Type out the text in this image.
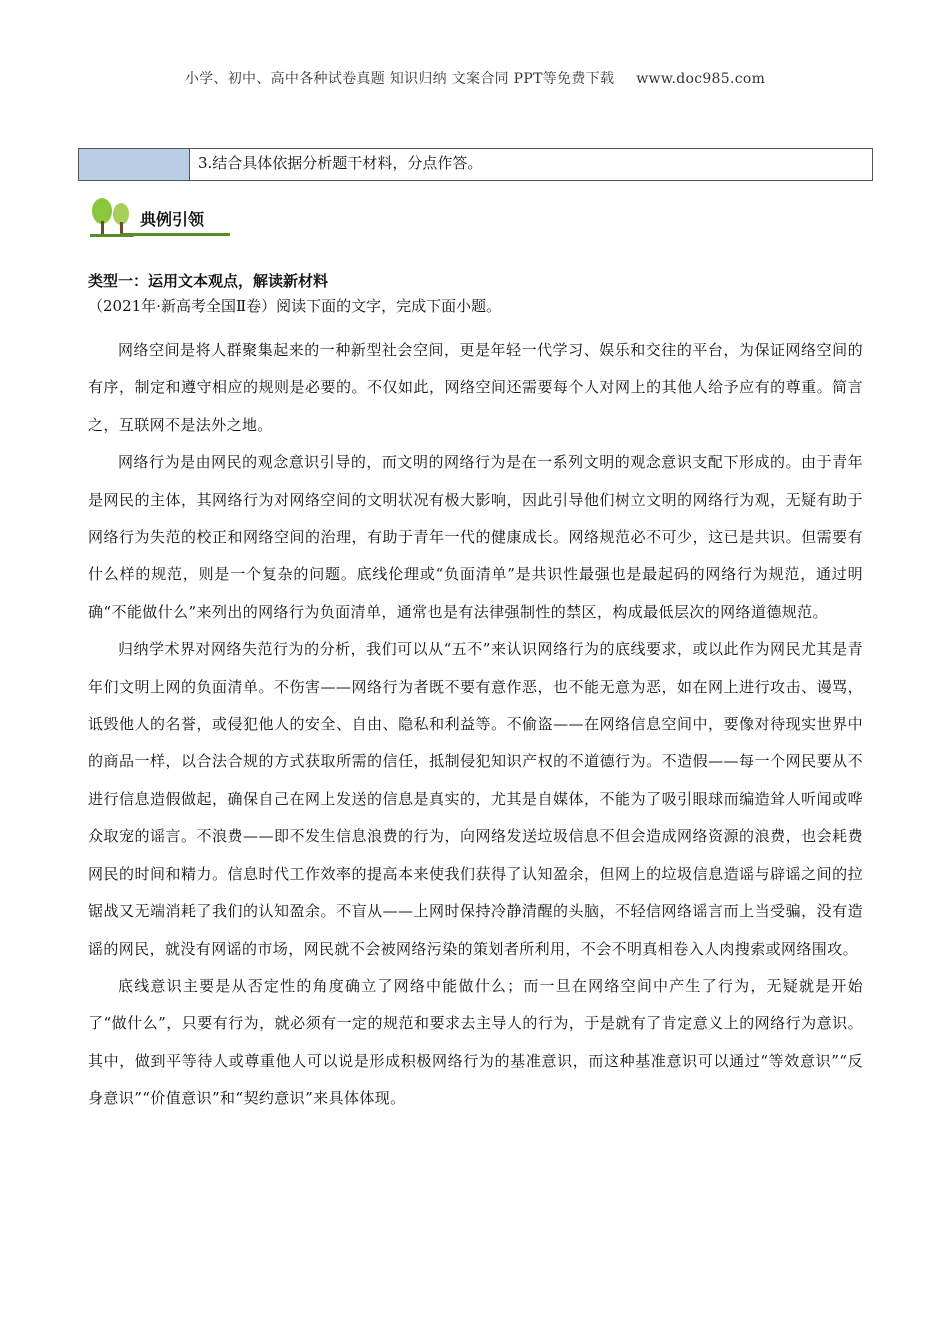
小学、初中、高中各种试卷真题 知识归纳 文案合同 PPT等免费下载 www.doc985.com
3.结合具体依据分析题干材料，分点作答。
典例引领
类型一：运用文本观点，解读新材料
（2021年·新高考全国Ⅱ卷）阅读下面的文字，完成下面小题。

网络空间是将人群聚集起来的一种新型社会空间，更是年轻一代学习、娱乐和交往的平台，为保证网络空间的有序，制定和遵守相应的规则是必要的。不仅如此，网络空间还需要每个人对网上的其他人给予应有的尊重。简言之，互联网不是法外之地。

网络行为是由网民的观念意识引导的，而文明的网络行为是在一系列文明的观念意识支配下形成的。由于青年是网民的主体，其网络行为对网络空间的文明状况有极大影响，因此引导他们树立文明的网络行为观，无疑有助于网络行为失范的校正和网络空间的治理，有助于青年一代的健康成长。网络规范必不可少，这已是共识。但需要有什么样的规范，则是一个复杂的问题。底线伦理或“负面清单”是共识性最强也是最起码的网络行为规范，通过明确“不能做什么”来列出的网络行为负面清单，通常也是有法律强制性的禁区，构成最低层次的网络道德规范。

归纳学术界对网络失范行为的分析，我们可以从“五不”来认识网络行为的底线要求，或以此作为网民尤其是青年们文明上网的负面清单。不伤害——网络行为者既不要有意作恶，也不能无意为恶，如在网上进行攻击、谩骂，诋毁他人的名誉，或侵犯他人的安全、自由、隐私和利益等。不偷盗——在网络信息空间中，要像对待现实世界中的商品一样，以合法合规的方式获取所需的信任，抵制侵犯知识产权的不道德行为。不造假——每一个网民要从不进行信息造假做起，确保自己在网上发送的信息是真实的，尤其是自媒体，不能为了吸引眼球而编造耸人听闻或哗众取宠的谣言。不浪费——即不发生信息浪费的行为，向网络发送垃圾信息不但会造成网络资源的浪费，也会耗费网民的时间和精力。信息时代工作效率的提高本来使我们获得了认知盈余，但网上的垃圾信息造谣与辟谣之间的拉锯战又无端消耗了我们的认知盈余。不盲从——上网时保持冷静清醒的头脑，不轻信网络谣言而上当受骗，没有造谣的网民，就没有网谣的市场，网民就不会被网络污染的策划者所利用，不会不明真相卷入人肉搜索或网络围攻。

底线意识主要是从否定性的角度确立了网络中能做什么；而一旦在网络空间中产生了行为，无疑就是开始了“做什么”，只要有行为，就必须有一定的规范和要求去主导人的行为，于是就有了肯定意义上的网络行为意识。其中，做到平等待人或尊重他人可以说是形成积极网络行为的基准意识，而这种基准意识可以通过“等效意识”“反身意识”“价值意识”和“契约意识”来具体体现。
